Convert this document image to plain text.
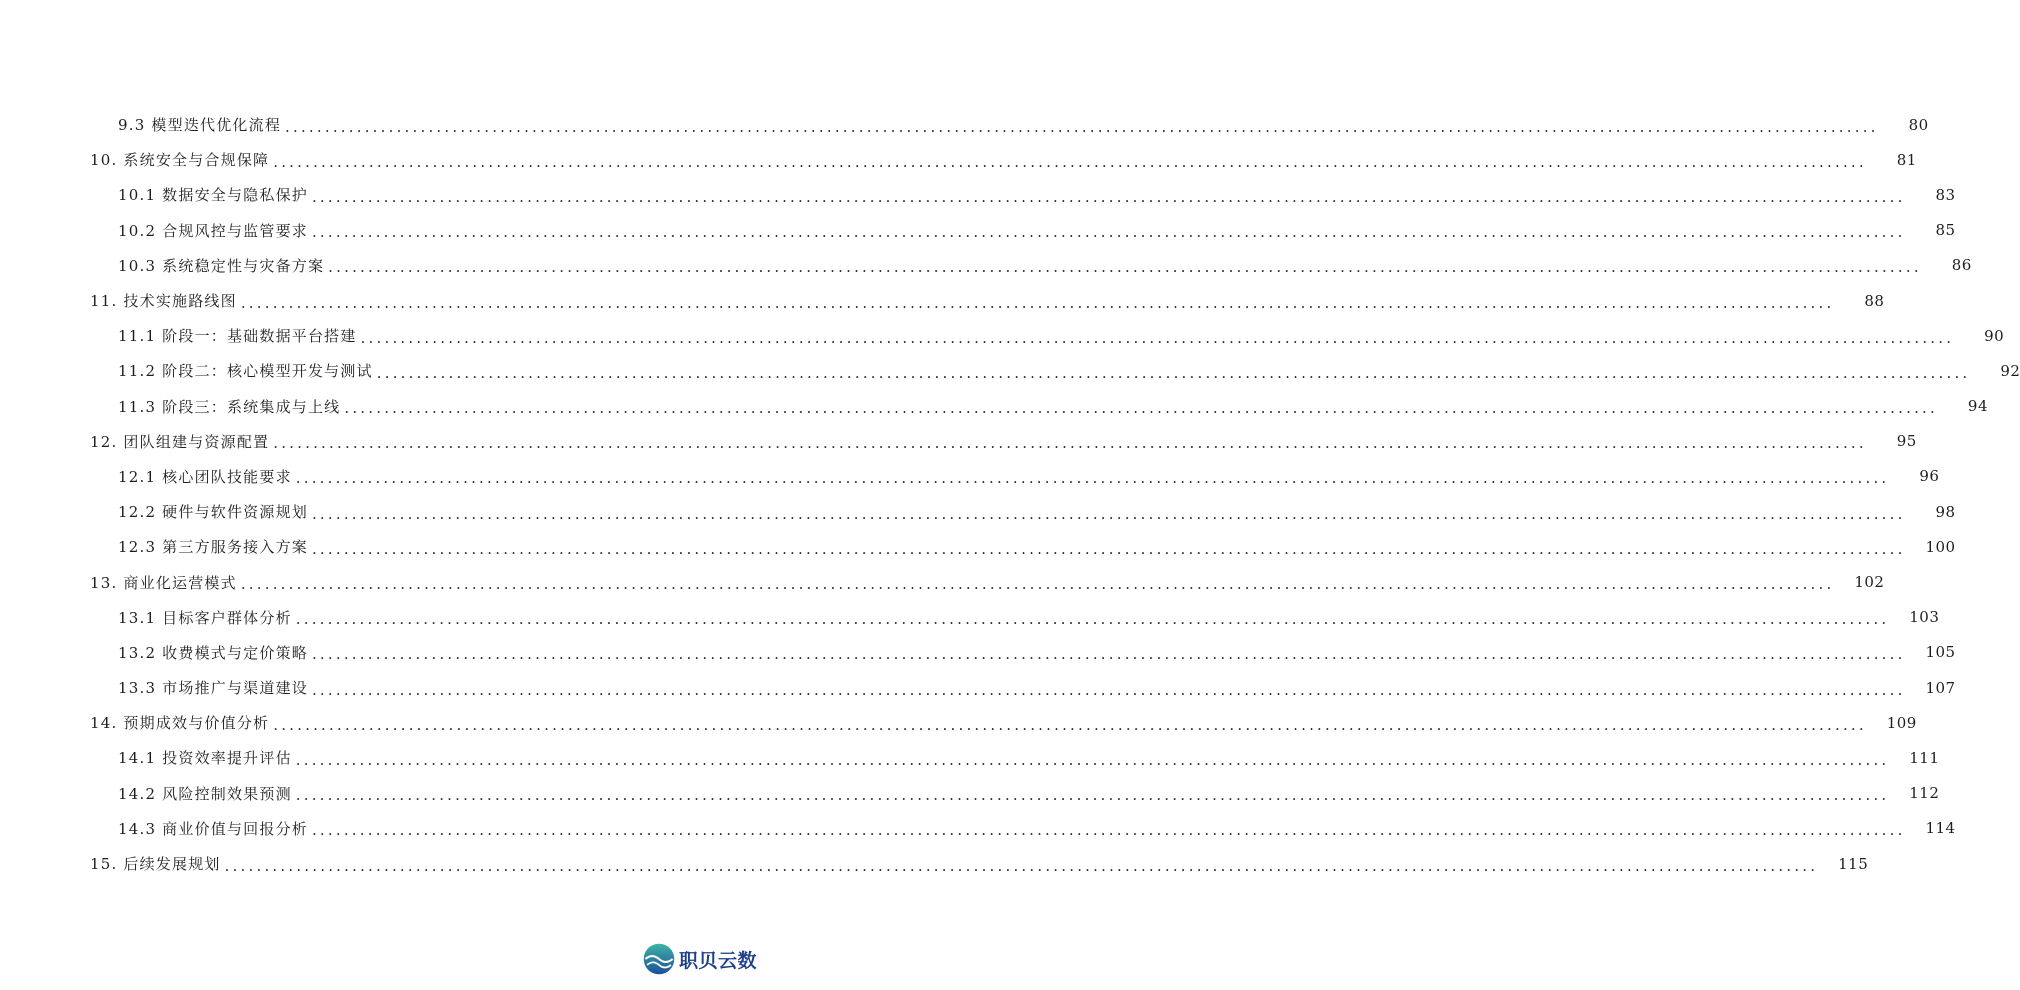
9.3 模型迭代优化流程 ........................................................................................................................................................................................................	80
10. 系统安全与合规保障 ........................................................................................................................................................................................................	81
10.1 数据安全与隐私保护 ........................................................................................................................................................................................................	83
10.2 合规风控与监管要求 ........................................................................................................................................................................................................	85
10.3 系统稳定性与灾备方案 ........................................................................................................................................................................................................	86
11. 技术实施路线图 ........................................................................................................................................................................................................	88
11.1 阶段一：基础数据平台搭建 ........................................................................................................................................................................................................	90
11.2 阶段二：核心模型开发与测试 ........................................................................................................................................................................................................	92
11.3 阶段三：系统集成与上线 ........................................................................................................................................................................................................	94
12. 团队组建与资源配置 ........................................................................................................................................................................................................	95
12.1 核心团队技能要求 ........................................................................................................................................................................................................	96
12.2 硬件与软件资源规划 ........................................................................................................................................................................................................	98
12.3 第三方服务接入方案 ........................................................................................................................................................................................................	100
13. 商业化运营模式 ........................................................................................................................................................................................................	102
13.1 目标客户群体分析 ........................................................................................................................................................................................................	103
13.2 收费模式与定价策略 ........................................................................................................................................................................................................	105
13.3 市场推广与渠道建设 ........................................................................................................................................................................................................	107
14. 预期成效与价值分析 ........................................................................................................................................................................................................	109
14.1 投资效率提升评估 ........................................................................................................................................................................................................	111
14.2 风险控制效果预测 ........................................................................................................................................................................................................	112
14.3 商业价值与回报分析 ........................................................................................................................................................................................................	114
15. 后续发展规划 ........................................................................................................................................................................................................	115
职贝云数
